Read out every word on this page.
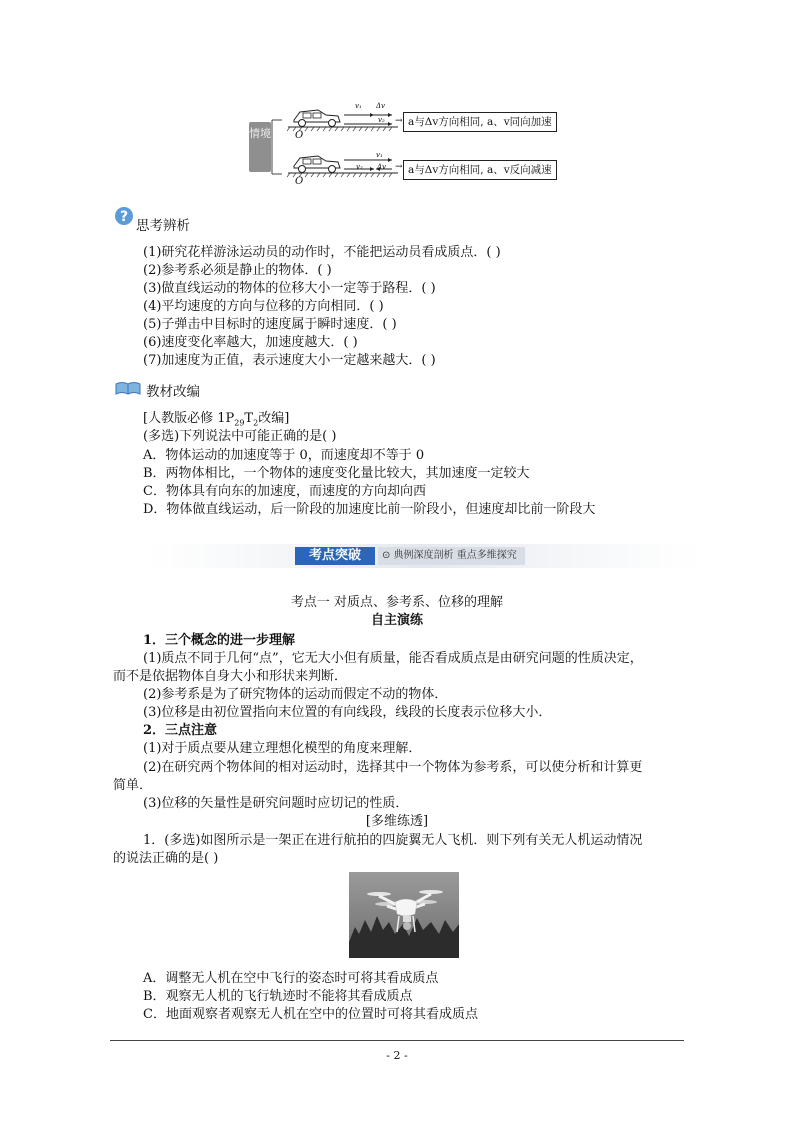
情境 O
O
v₁ Δv
v₂
v₁
v₂ Δv
→
→
a与Δv方向相同, a、v同向加速
a与Δv方向相同, a、v反向减速
?
思考辨析
(1)研究花样游泳运动员的动作时，不能把运动员看成质点．( )
(2)参考系必须是静止的物体．( )
(3)做直线运动的物体的位移大小一定等于路程．( )
(4)平均速度的方向与位移的方向相同．( )
(5)子弹击中目标时的速度属于瞬时速度．( )
(6)速度变化率越大，加速度越大．( )
(7)加速度为正值，表示速度大小一定越来越大．( )
教材改编
[人教版必修 $1P_{29}T_2$改编]
(多选)下列说法中可能正确的是( )
A．物体运动的加速度等于 0，而速度却不等于 0
B．两物体相比，一个物体的速度变化量比较大，其加速度一定较大
C．物体具有向东的加速度，而速度的方向却向西
D．物体做直线运动，后一阶段的加速度比前一阶段小，但速度却比前一阶段大
考点突破	⊙ 典例深度剖析 重点多维探究
考点一 对质点、参考系、位移的理解
自主演练
1．三个概念的进一步理解
(1)质点不同于几何“点”，它无大小但有质量，能否看成质点是由研究问题的性质决定，
而不是依据物体自身大小和形状来判断．
(2)参考系是为了研究物体的运动而假定不动的物体．
(3)位移是由初位置指向末位置的有向线段，线段的长度表示位移大小．
2．三点注意
(1)对于质点要从建立理想化模型的角度来理解．
(2)在研究两个物体间的相对运动时，选择其中一个物体为参考系，可以使分析和计算更
简单．
(3)位移的矢量性是研究问题时应切记的性质．
[多维练透]
1．(多选)如图所示是一架正在进行航拍的四旋翼无人飞机．则下列有关无人机运动情况
的说法正确的是( )
A．调整无人机在空中飞行的姿态时可将其看成质点
B．观察无人机的飞行轨迹时不能将其看成质点
C．地面观察者观察无人机在空中的位置时可将其看成质点
- 2 -
